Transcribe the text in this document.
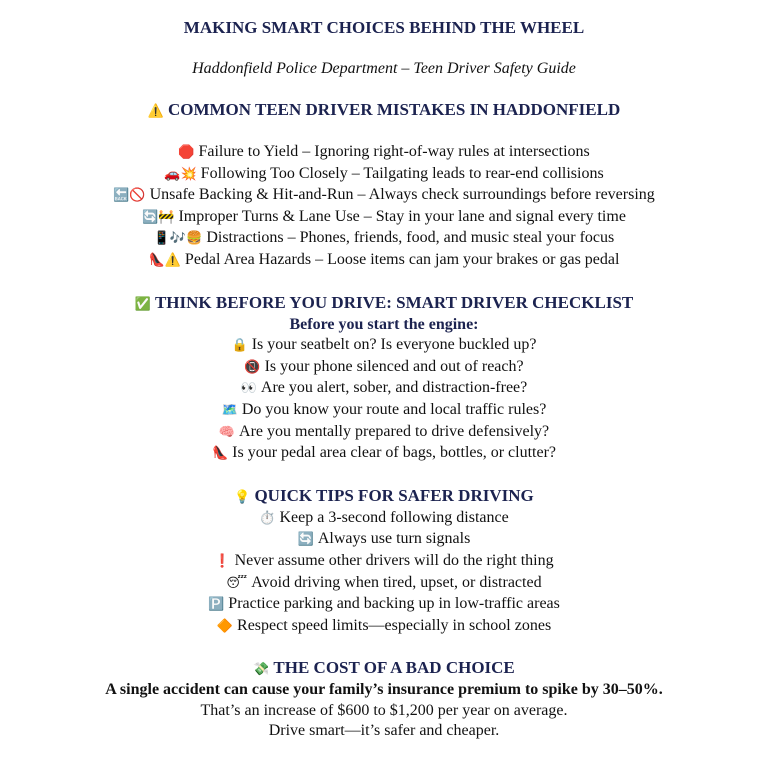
MAKING SMART CHOICES BEHIND THE WHEEL
Haddonfield Police Department – Teen Driver Safety Guide
⚠️ COMMON TEEN DRIVER MISTAKES IN HADDONFIELD
🛑 Failure to Yield – Ignoring right-of-way rules at intersections
🚗💥 Following Too Closely – Tailgating leads to rear-end collisions
🔙🚫 Unsafe Backing & Hit-and-Run – Always check surroundings before reversing
🔄🚧 Improper Turns & Lane Use – Stay in your lane and signal every time
📱🎶🍔 Distractions – Phones, friends, food, and music steal your focus
👠⚠️ Pedal Area Hazards – Loose items can jam your brakes or gas pedal
✅ THINK BEFORE YOU DRIVE: SMART DRIVER CHECKLIST
Before you start the engine:
🔒 Is your seatbelt on? Is everyone buckled up?
📵 Is your phone silenced and out of reach?
👀 Are you alert, sober, and distraction-free?
🗺️ Do you know your route and local traffic rules?
🧠 Are you mentally prepared to drive defensively?
👠 Is your pedal area clear of bags, bottles, or clutter?
💡 QUICK TIPS FOR SAFER DRIVING
⏱️ Keep a 3-second following distance
🔄 Always use turn signals
❗ Never assume other drivers will do the right thing
😴 Avoid driving when tired, upset, or distracted
🅿️ Practice parking and backing up in low-traffic areas
🔶 Respect speed limits—especially in school zones
💸 THE COST OF A BAD CHOICE
A single accident can cause your family’s insurance premium to spike by 30–50%.
That’s an increase of $600 to $1,200 per year on average.
Drive smart—it’s safer and cheaper.
